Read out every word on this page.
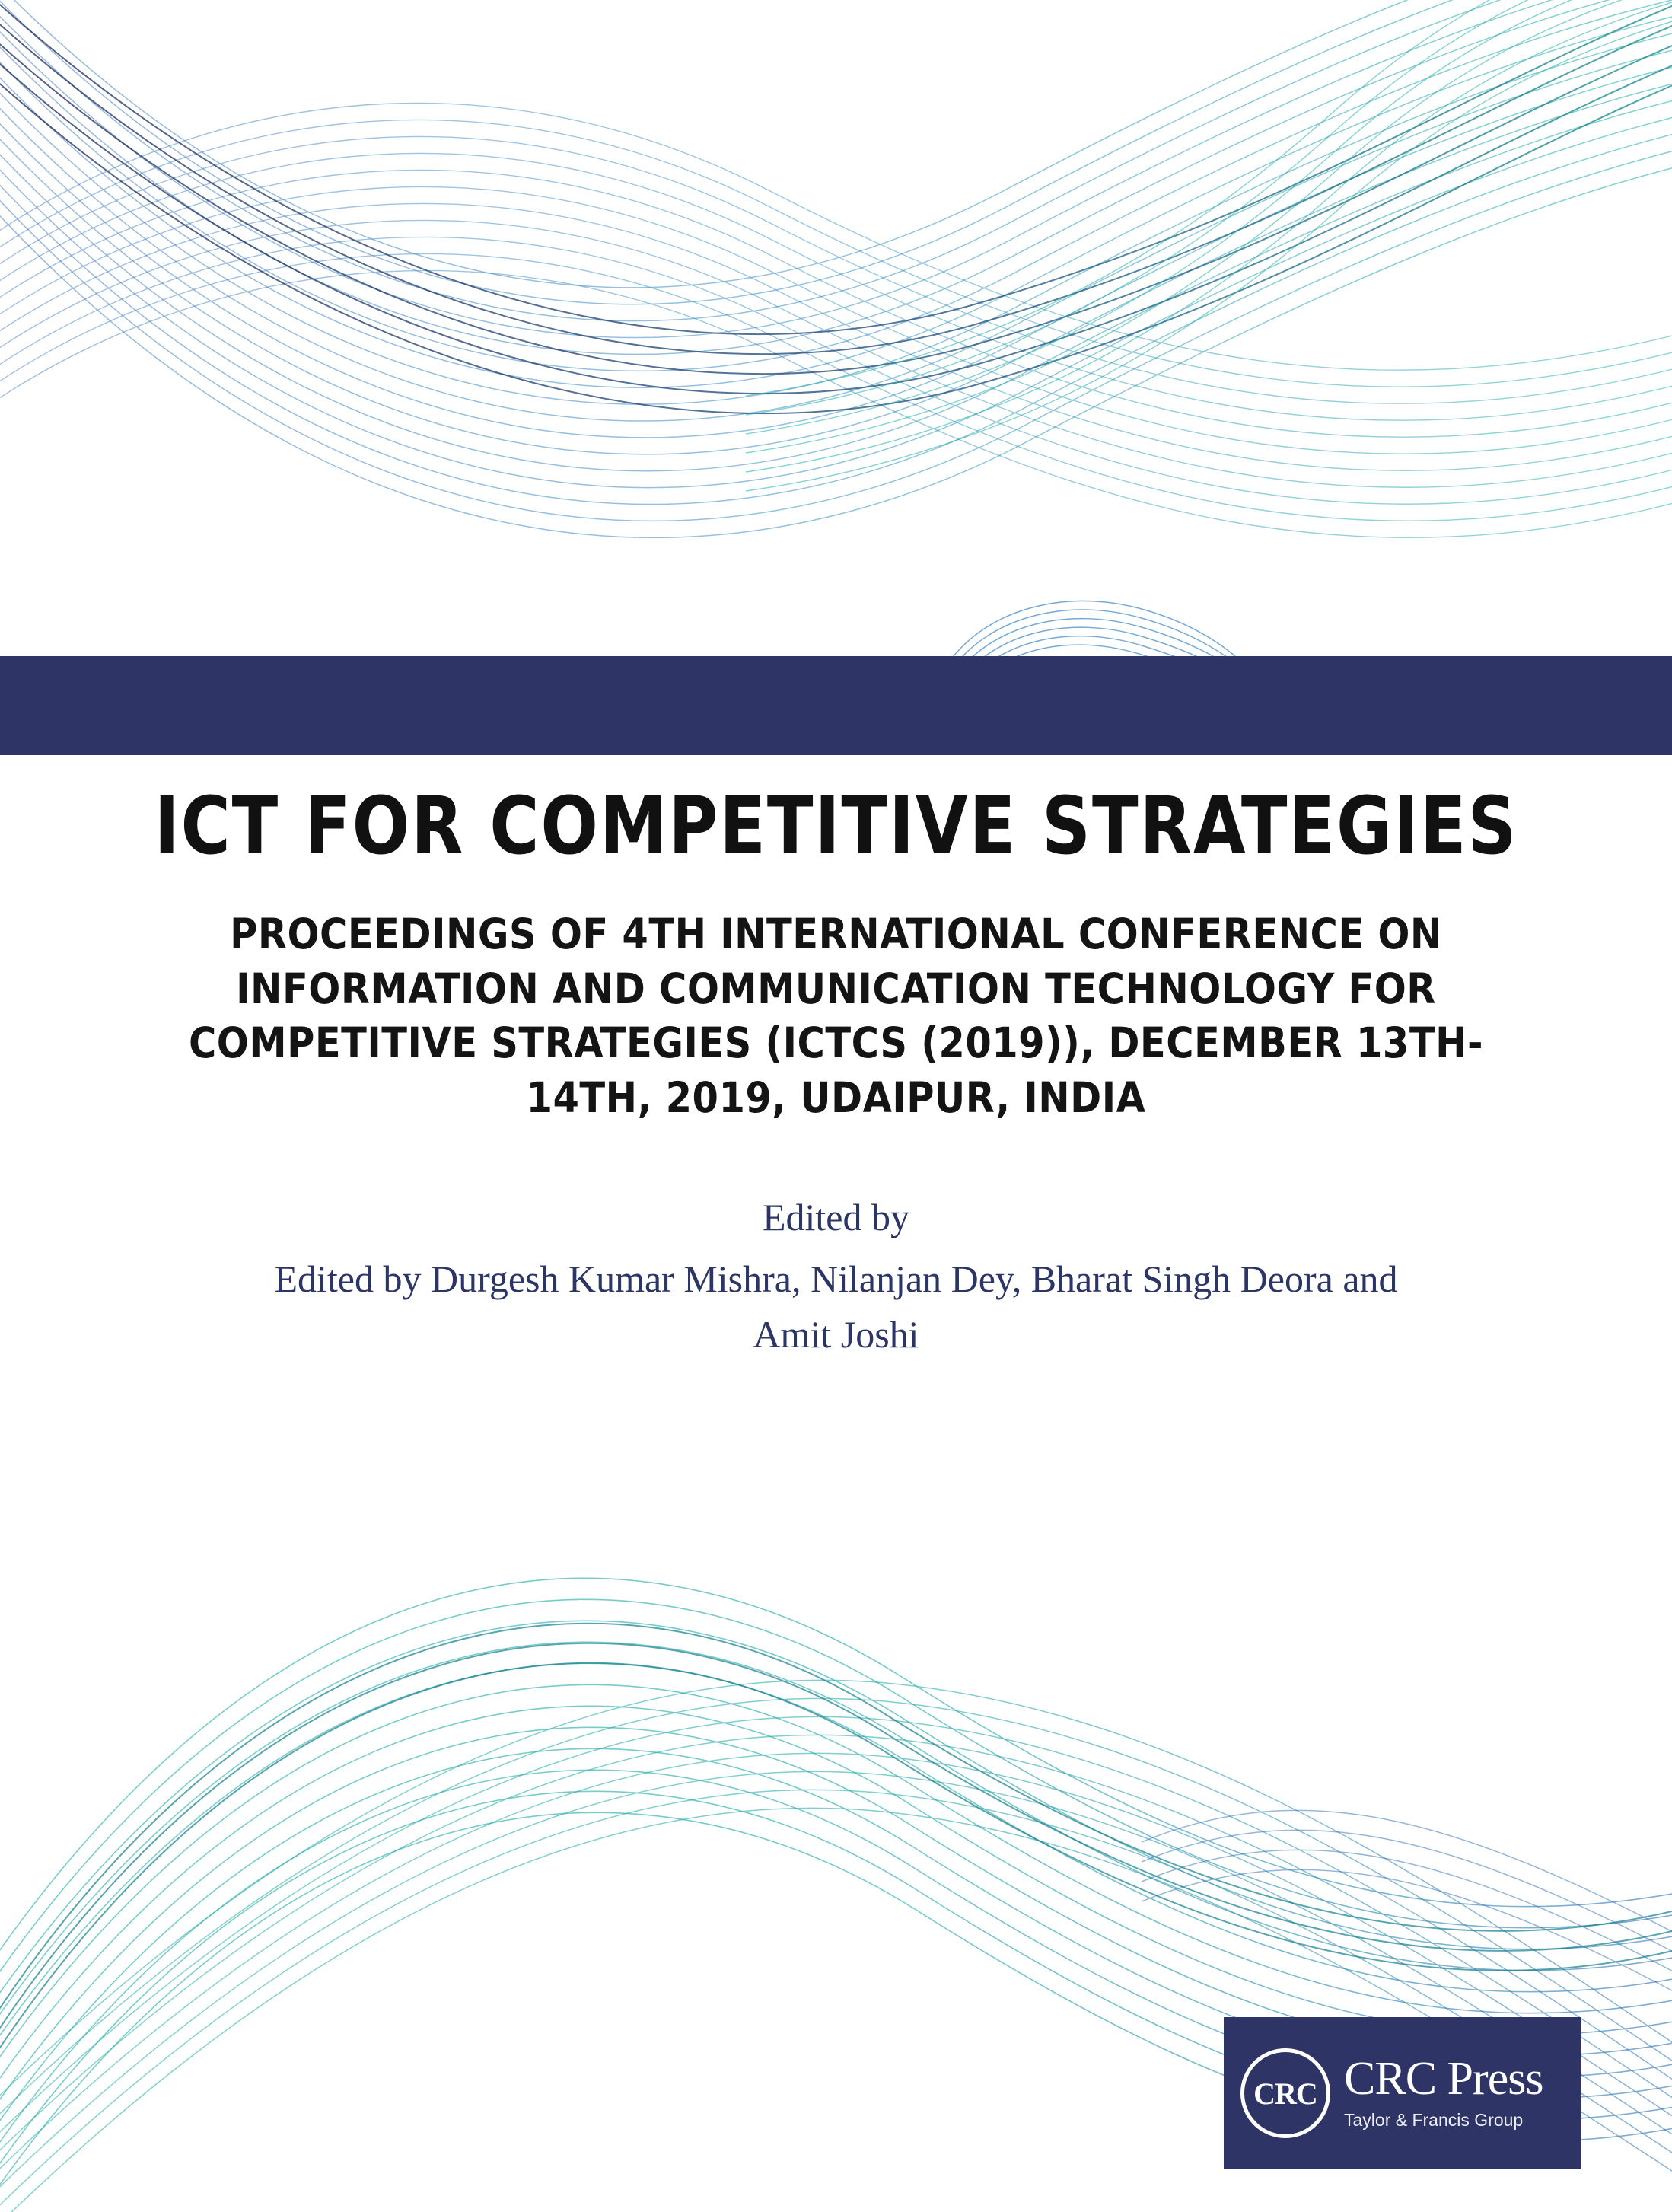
ICT FOR COMPETITIVE STRATEGIES
PROCEEDINGS OF 4TH INTERNATIONAL CONFERENCE ON INFORMATION AND COMMUNICATION TECHNOLOGY FOR COMPETITIVE STRATEGIES (ICTCS (2019)), DECEMBER 13TH-14TH, 2019, UDAIPUR, INDIA
Edited by
Edited by Durgesh Kumar Mishra, Nilanjan Dey, Bharat Singh Deora and Amit Joshi
CRC CRC Press
Taylor & Francis Group
